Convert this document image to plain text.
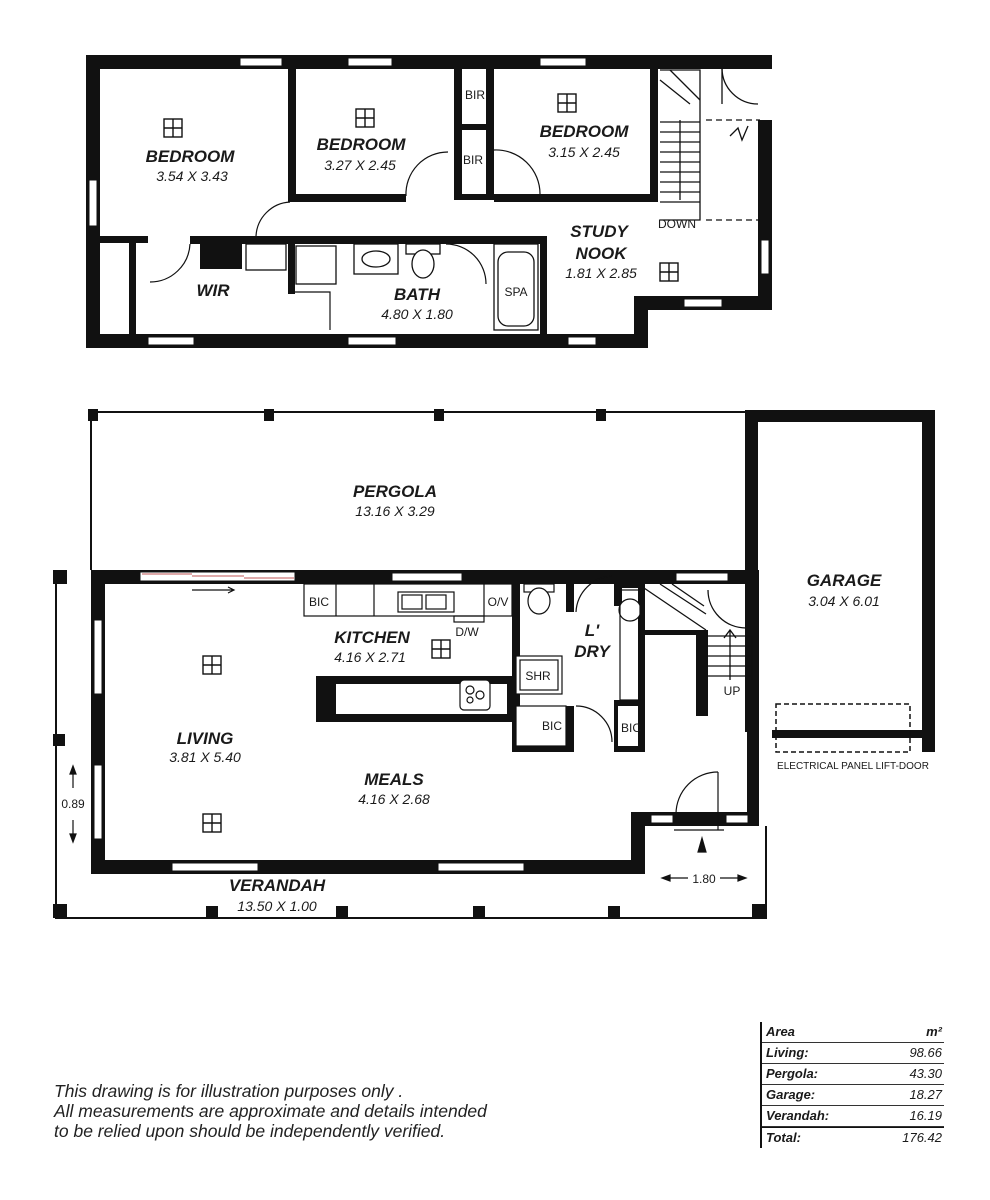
BEDROOM
3.54 X 3.43
BEDROOM
3.27 X 2.45
BEDROOM
3.15 X 2.45
STUDY
NOOK
1.81 X 2.85
BATH
4.80 X 1.80
WIR
BIR
BIR
SPA
DOWN
PERGOLA
13.16 X 3.29
GARAGE
3.04 X 6.01
KITCHEN
4.16 X 2.71
LIVING
3.81 X 5.40
MEALS
4.16 X 2.68
VERANDAH
13.50 X 1.00
L'
DRY
BIC	O/V
D/W
SHR
BIC	BIC
UP
ELECTRICAL PANEL LIFT-DOOR
0.89
1.80
This drawing is for illustration purposes only .
All measurements are approximate and details intended
to be relied upon should be independently verified.
Area	m²
Living:	98.66
Pergola:	43.30
Garage:	18.27
Verandah:	16.19
Total:	176.42
